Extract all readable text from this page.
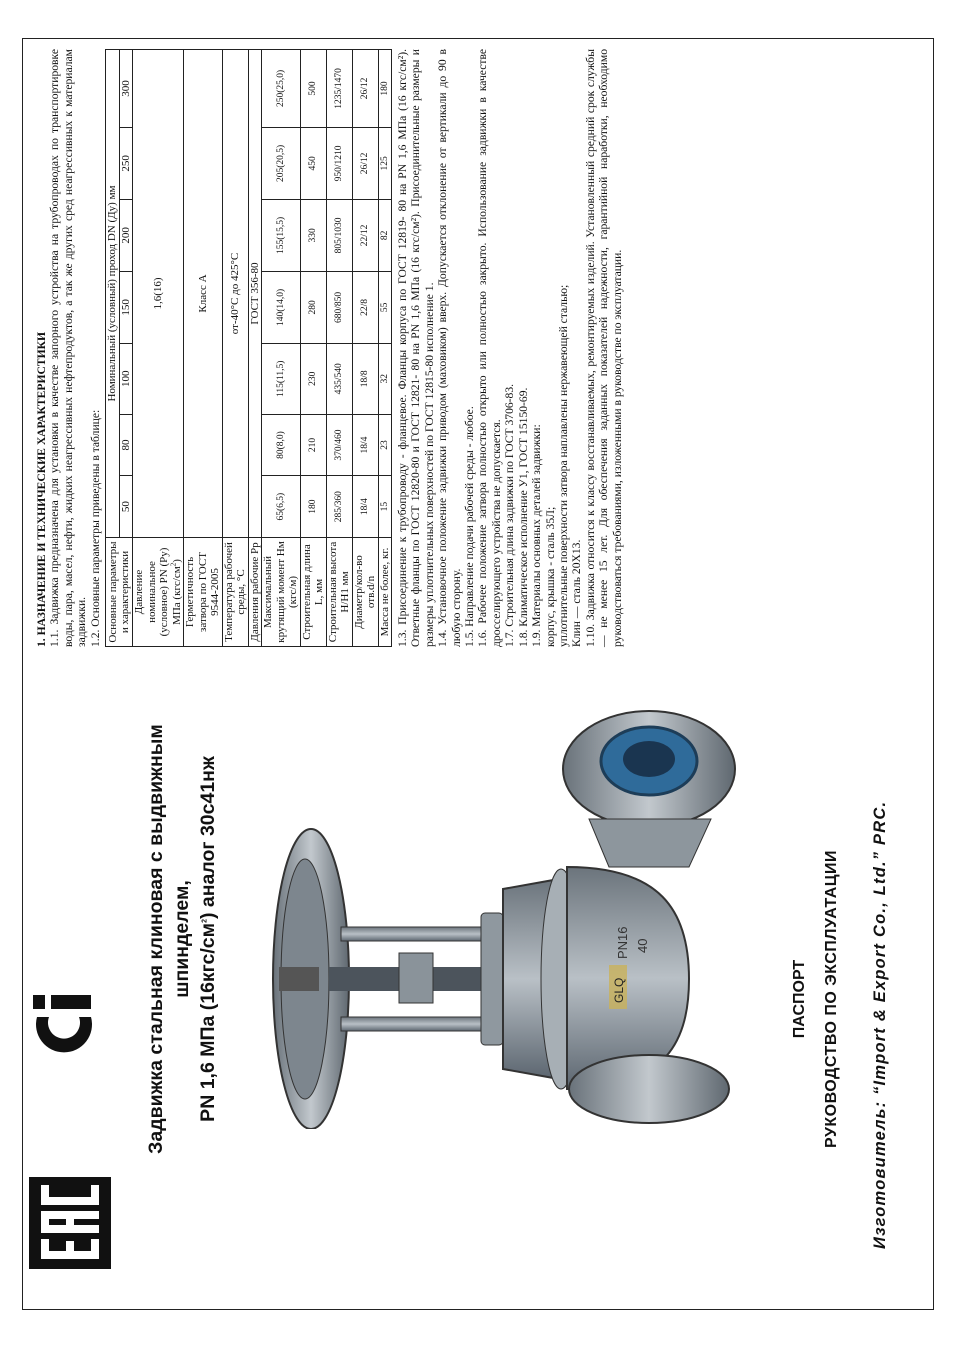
CI	Задвижка стальная клиновая с выдвижным шпинделем, PN 1,6 МПа $(16кгс/см^2)$ аналог 30с41нж
GLQ
PN16 40
ПАСПОРТ РУКОВОДСТВО ПО ЭКСПЛУАТАЦИИ Изготовитель: “Import & Export Co., Ltd.” PRC.

1. НАЗНАЧЕНИЕ И ТЕХНИЧЕСКИЕ ХАРАКТЕРИСТИКИ 1.1. Задвижка предназначена для установки в качестве запорного устройства на трубопроводах по транспортировке воды, пара, масел, нефти, жидких неагрессивных нефтепродуктов, а так же других сред неагрессивных к материалам задвижки. 1.2. Основные параметры приведены в таблице: Основные параметры и характеристики	Номинальный (условный) проход DN (Ду) мм						
	50	80	100	150	200	250	300
Давление номинальное (условное) PN (Py) МПа $(кгс/см^2)$	1,6(16)						
Герметичность затвора по ГОСТ 9544-2005	Класс А						
Температура рабочей среды, °С	от-40°С до 425°С						
Давления рабочие Pp	ГОСТ 356-80						
Максимальный крутящий момент Нм (кгс/м)	65(6,5)	80(8,0)	115(11,5)	140(14,0)	155(15,5)	205(20,5)	250(25,0)
Строительная длина L, мм	180	210	230	280	330	450	500
Строительная высота Н/Н1 мм	285/360	370/460	435/540	680/850	805/1030	950/1210	1235/1470
Диаметр/кол-во отв.d/n	18/4	18/4	18/8	22/8	22/12	26/12	26/12
Масса не более, кг.	15	23	32	55	82	125	180 1.3. Присоединение к трубопроводу - фланцевое. Фланцы корпуса по ГОСТ 12819- 80 на PN 1,6 МПа (16 кгс/см²). Ответные фланцы по ГОСТ 12820-80 и ГОСТ 12821- 80 на PN 1,6 МПа (16 кгс/см²). Присоединительные размеры и размеры уплотнительных поверхностей по ГОСТ 12815-80 исполнение 1. 1.4. Установочное положение задвижки приводом (маховиком) вверх. Допускается отклонение от вертикали до 90 в любую сторону. 1.5. Направление подачи рабочей среды - любое. 1.6. Рабочее положение затвора полностью открыто или полностью закрыто. Использование задвижки в качестве дросселирующего устройства не допускается. 1.7. Строительная длина задвижки по ГОСТ 3706-83. 1.8. Климатическое исполнение У1, ГОСТ 15150-69. 1.9. Материалы основных деталей задвижки: корпус, крышка - сталь 35Л; уплотнительные поверхности затвора наплавлены нержавеющей сталью; Клин — сталь 20Х13. 1.10. Задвижка относится к классу восстанавливаемых, ремонтируемых изделий. Установленный средний срок службы — не менее 15 лет. Для обеспечения заданных показателей надежности, гарантийной наработки, необходимо руководствоваться требованиями, изложенными в руководстве по эксплуатации.
